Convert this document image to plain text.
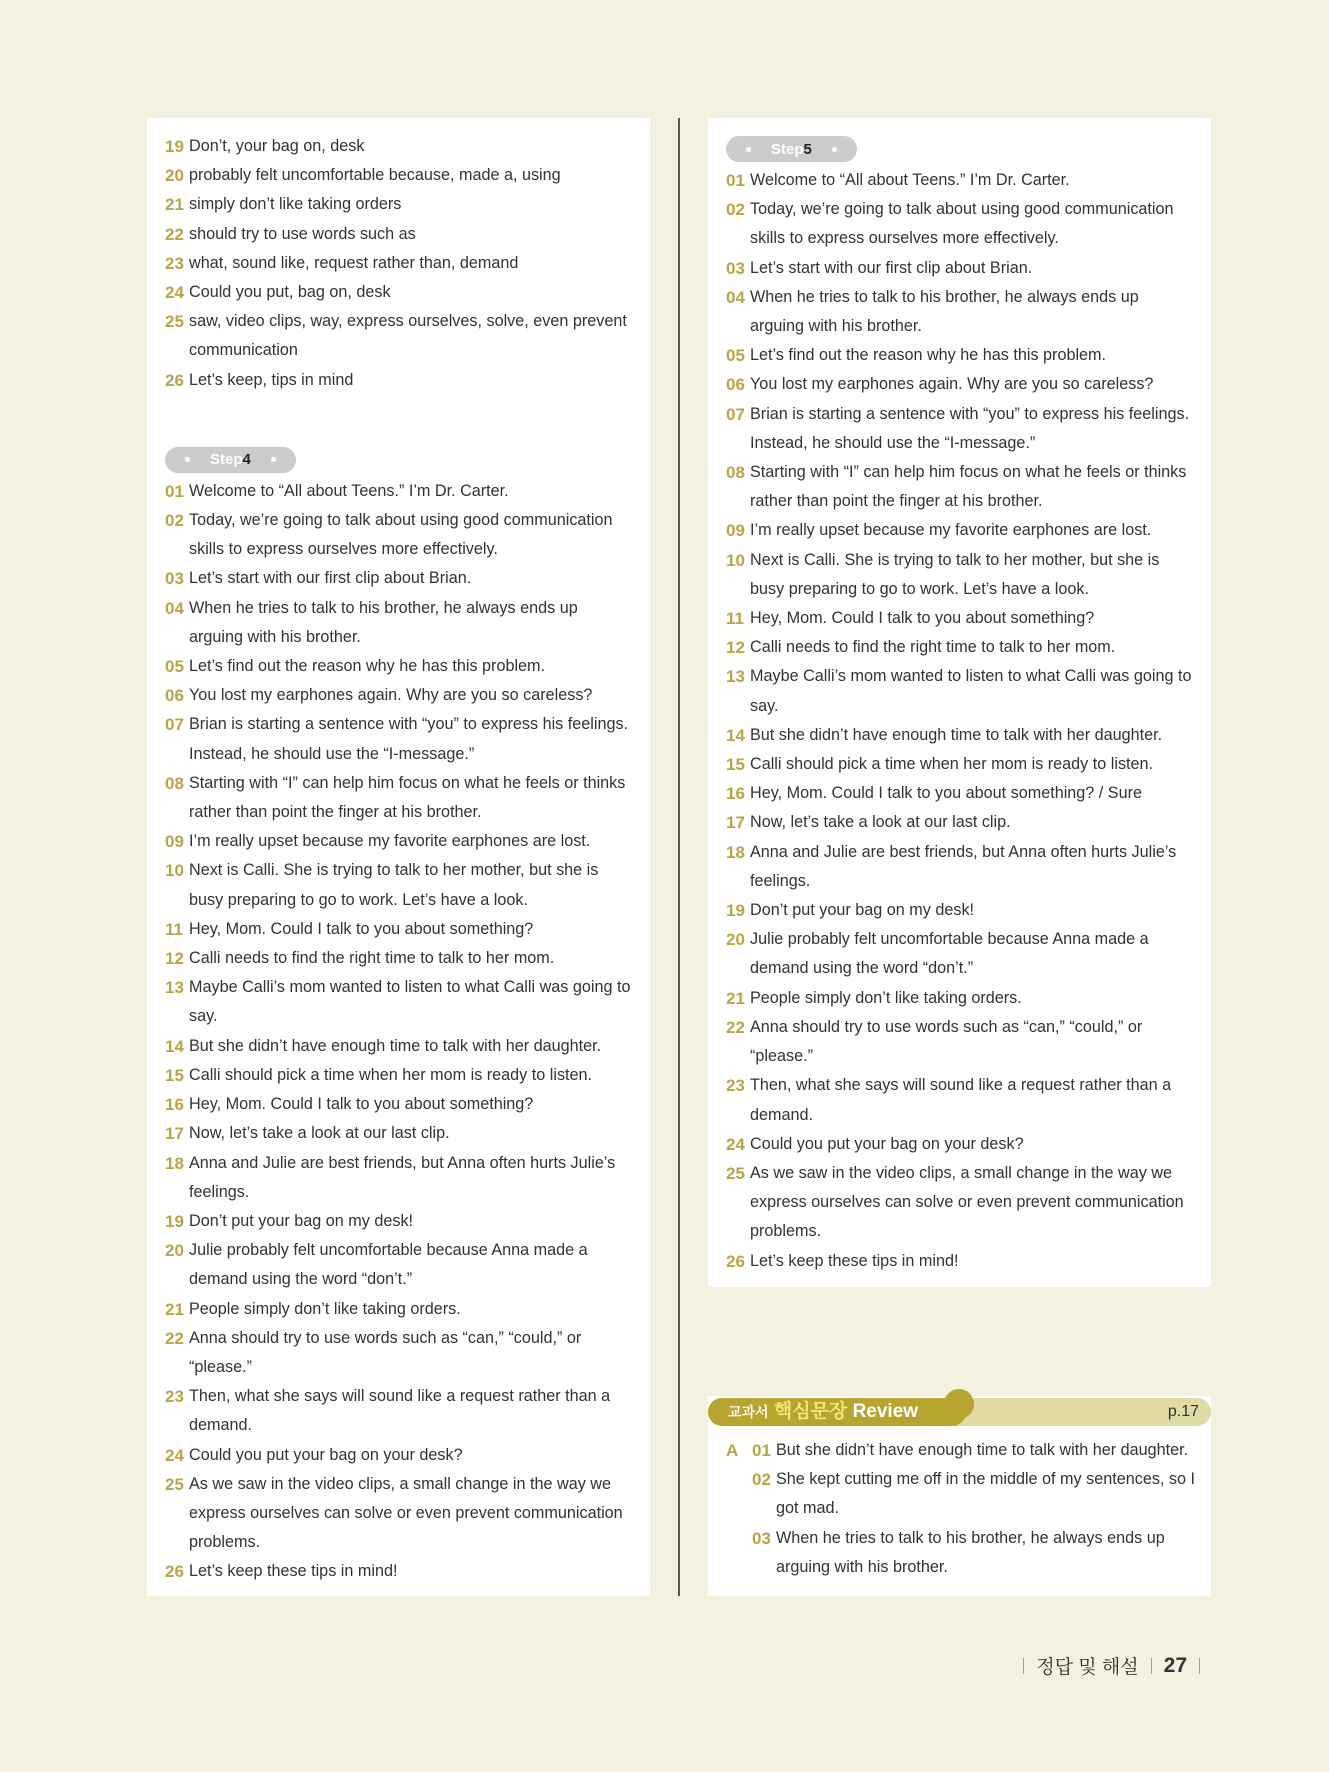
19 Don’t, your bag on, desk
20 probably felt uncomfortable because, made a, using
21 simply don’t like taking orders
22 should try to use words such as
23 what, sound like, request rather than, demand
24 Could you put, bag on, desk
25 saw, video clips, way, express ourselves, solve, even prevent
communication
26 Let’s keep, tips in mind
Step 4
01 Welcome to “All about Teens.” I’m Dr. Carter.
02 Today, we’re going to talk about using good communication
skills to express ourselves more effectively.
03 Let’s start with our first clip about Brian.
04 When he tries to talk to his brother, he always ends up
arguing with his brother.
05 Let’s find out the reason why he has this problem.
06 You lost my earphones again. Why are you so careless?
07 Brian is starting a sentence with “you” to express his feelings.
Instead, he should use the “I-message.”
08 Starting with “I” can help him focus on what he feels or thinks
rather than point the finger at his brother.
09 I’m really upset because my favorite earphones are lost.
10 Next is Calli. She is trying to talk to her mother, but she is
busy preparing to go to work. Let’s have a look.
11 Hey, Mom. Could I talk to you about something?
12 Calli needs to find the right time to talk to her mom.
13 Maybe Calli’s mom wanted to listen to what Calli was going to
say.
14 But she didn’t have enough time to talk with her daughter.
15 Calli should pick a time when her mom is ready to listen.
16 Hey, Mom. Could I talk to you about something?
17 Now, let’s take a look at our last clip.
18 Anna and Julie are best friends, but Anna often hurts Julie’s
feelings.
19 Don’t put your bag on my desk!
20 Julie probably felt uncomfortable because Anna made a
demand using the word “don’t.”
21 People simply don’t like taking orders.
22 Anna should try to use words such as “can,” “could,” or
“please.”
23 Then, what she says will sound like a request rather than a
demand.
24 Could you put your bag on your desk?
25 As we saw in the video clips, a small change in the way we
express ourselves can solve or even prevent communication
problems.
26 Let’s keep these tips in mind!
Step 5
01 Welcome to “All about Teens.” I’m Dr. Carter.
02 Today, we’re going to talk about using good communication
skills to express ourselves more effectively.
03 Let’s start with our first clip about Brian.
04 When he tries to talk to his brother, he always ends up
arguing with his brother.
05 Let’s find out the reason why he has this problem.
06 You lost my earphones again. Why are you so careless?
07 Brian is starting a sentence with “you” to express his feelings.
Instead, he should use the “I-message.”
08 Starting with “I” can help him focus on what he feels or thinks
rather than point the finger at his brother.
09 I’m really upset because my favorite earphones are lost.
10 Next is Calli. She is trying to talk to her mother, but she is
busy preparing to go to work. Let’s have a look.
11 Hey, Mom. Could I talk to you about something?
12 Calli needs to find the right time to talk to her mom.
13 Maybe Calli’s mom wanted to listen to what Calli was going to
say.
14 But she didn’t have enough time to talk with her daughter.
15 Calli should pick a time when her mom is ready to listen.
16 Hey, Mom. Could I talk to you about something? / Sure
17 Now, let’s take a look at our last clip.
18 Anna and Julie are best friends, but Anna often hurts Julie’s
feelings.
19 Don’t put your bag on my desk!
20 Julie probably felt uncomfortable because Anna made a
demand using the word “don’t.”
21 People simply don’t like taking orders.
22 Anna should try to use words such as “can,” “could,” or
“please.”
23 Then, what she says will sound like a request rather than a
demand.
24 Could you put your bag on your desk?
25 As we saw in the video clips, a small change in the way we
express ourselves can solve or even prevent communication
problems.
26 Let’s keep these tips in mind!
A 01 But she didn’t have enough time to talk with her daughter.
02 She kept cutting me off in the middle of my sentences, so I
got mad.
03 When he tries to talk to his brother, he always ends up
arguing with his brother.
교과서 핵심문장 Review	p.17
정답 및 해설 27
